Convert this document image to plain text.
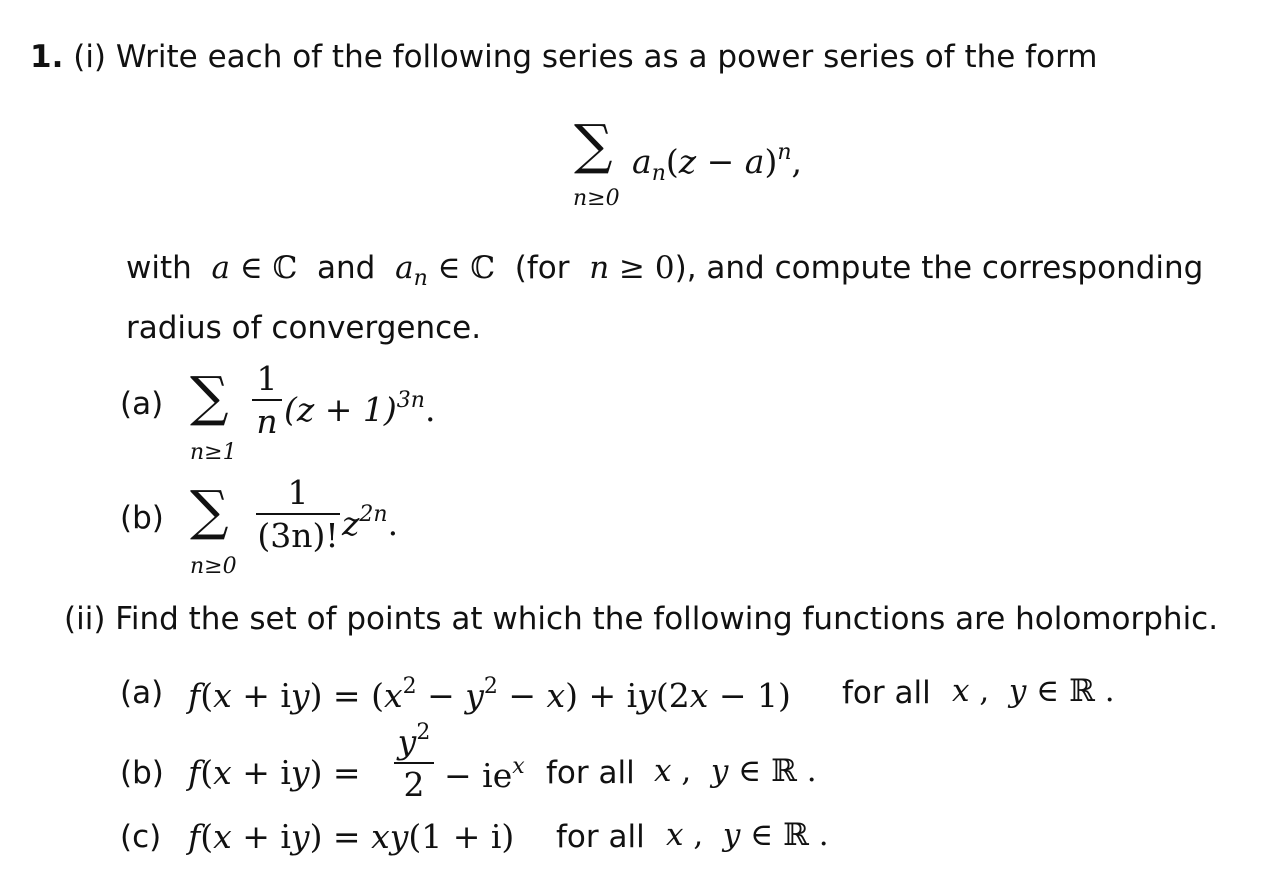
1. (i) Write each of the following series as a power series of the form
∑
n≥0
$a_n(z - a)^n$,
with a ∈ ℂ  and $a_n$ ∈ ℂ  (for n ≥ 0), and compute the corresponding
radius of convergence.
(a) ∑
n≥1
1
n $(z + 1)^{3n}$.
(b) ∑
n≥0
1
(3n)! $z^{2n}$.
(ii) Find the set of points at which the following functions are holomorphic.
(a) $f(x + iy) = (x^2 - y^2 - x) + iy(2x - 1)$ for all x ,  y ∈ ℝ .
(b) f(x + iy) =
$y^2$
$2 - ie^x$ for all x ,  y ∈ ℝ .
(c) f(x + iy) = xy(1 + i) for all x ,  y ∈ ℝ .
